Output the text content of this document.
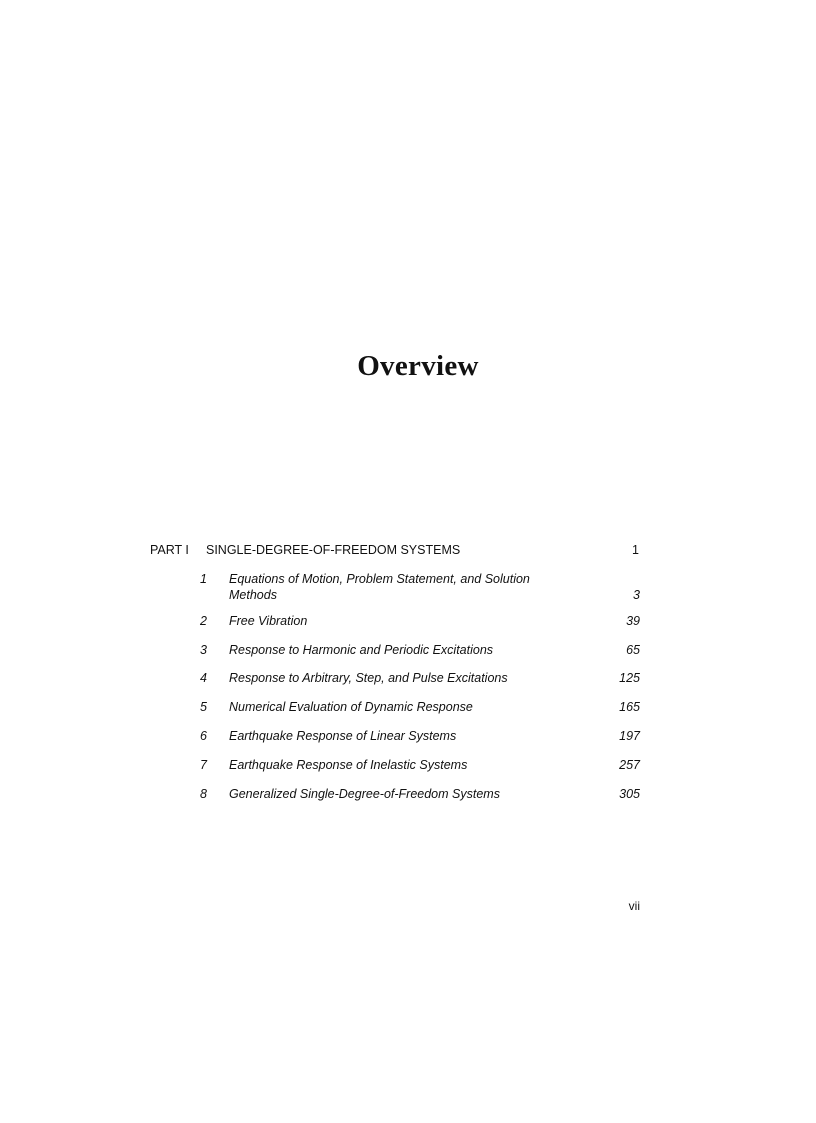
Overview
PART I SINGLE-DEGREE-OF-FREEDOM SYSTEMS	1
1	Equations of Motion, Problem Statement, and Solution Methods	3
2	Free Vibration	39
3	Response to Harmonic and Periodic Excitations	65
4	Response to Arbitrary, Step, and Pulse Excitations	125
5	Numerical Evaluation of Dynamic Response	165
6	Earthquake Response of Linear Systems	197
7	Earthquake Response of Inelastic Systems	257
8	Generalized Single-Degree-of-Freedom Systems	305
vii
